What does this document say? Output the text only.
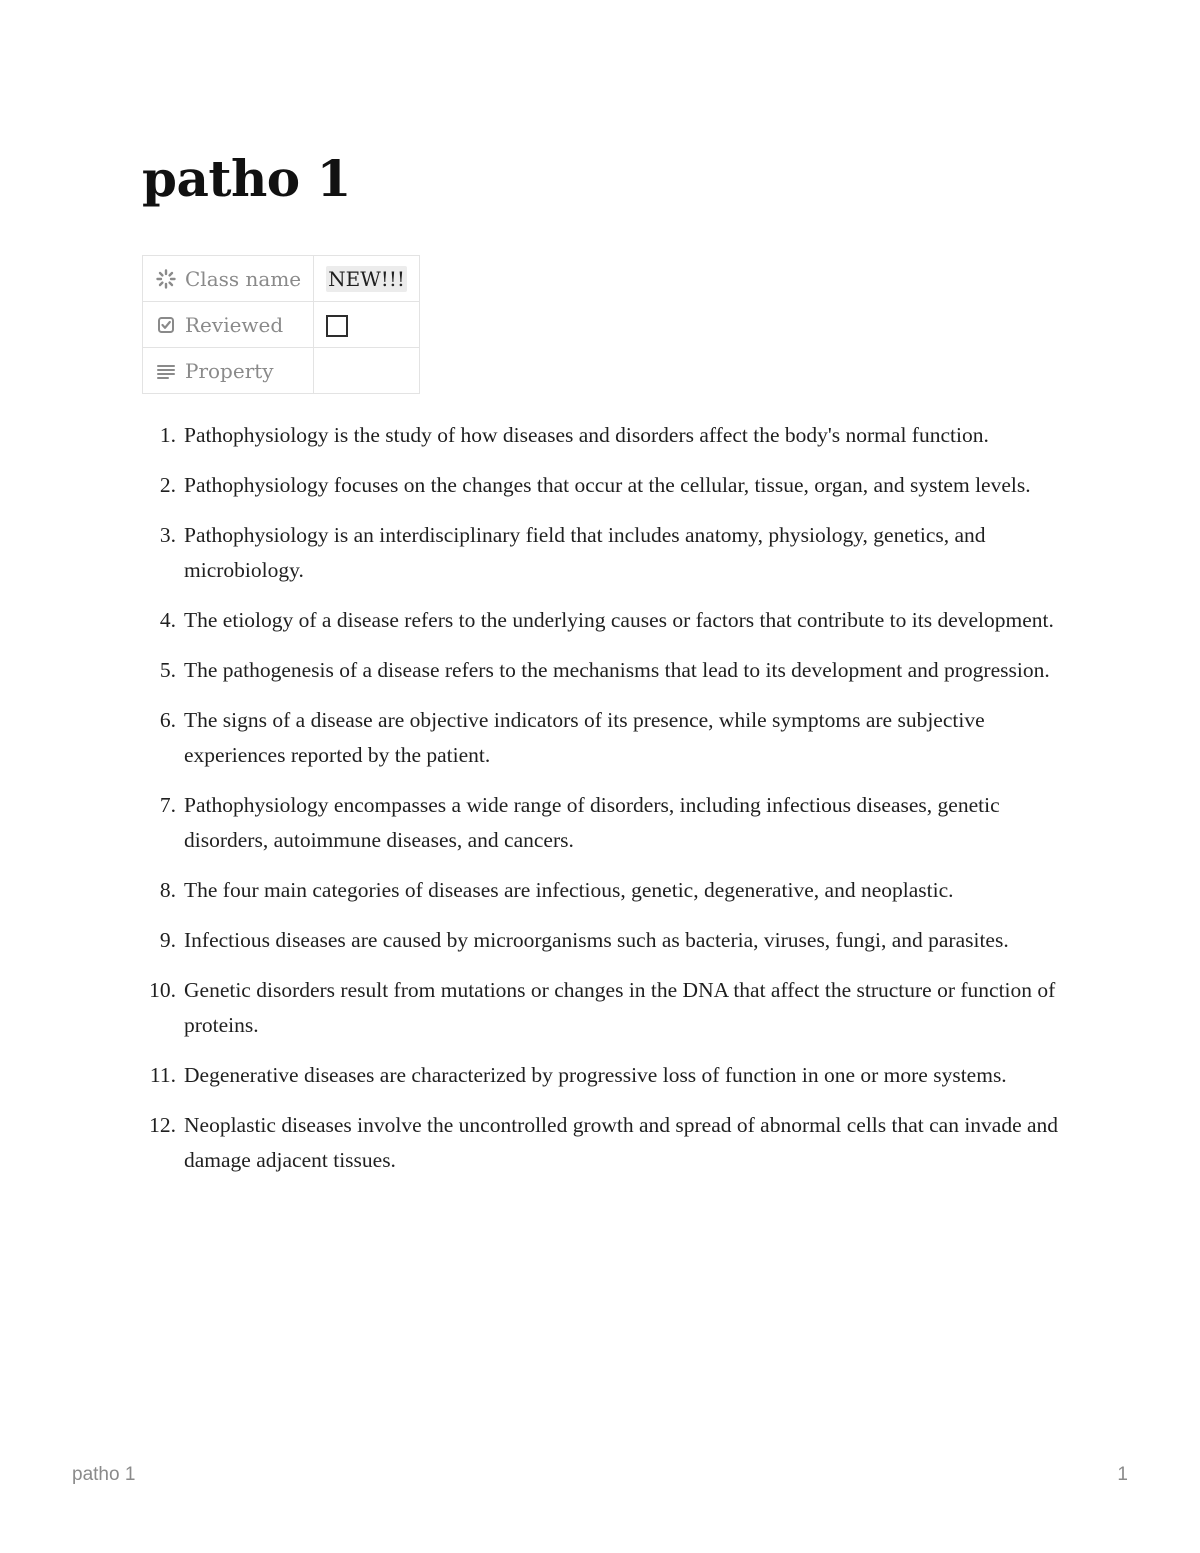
patho 1
Class name	NEW!!!

Reviewed	

Property	
1. Pathophysiology is the study of how diseases and disorders affect the body's normal function.
2. Pathophysiology focuses on the changes that occur at the cellular, tissue, organ, and system levels.
3. Pathophysiology is an interdisciplinary field that includes anatomy, physiology, genetics, and microbiology.
4. The etiology of a disease refers to the underlying causes or factors that contribute to its development.
5. The pathogenesis of a disease refers to the mechanisms that lead to its development and progression.
6. The signs of a disease are objective indicators of its presence, while symptoms are subjective experiences reported by the patient.
7. Pathophysiology encompasses a wide range of disorders, including infectious diseases, genetic disorders, autoimmune diseases, and cancers.
8. The four main categories of diseases are infectious, genetic, degenerative, and neoplastic.
9. Infectious diseases are caused by microorganisms such as bacteria, viruses, fungi, and parasites.
10. Genetic disorders result from mutations or changes in the DNA that affect the structure or function of proteins.
11. Degenerative diseases are characterized by progressive loss of function in one or more systems.
12. Neoplastic diseases involve the uncontrolled growth and spread of abnormal cells that can invade and damage adjacent tissues.
patho 1	1
